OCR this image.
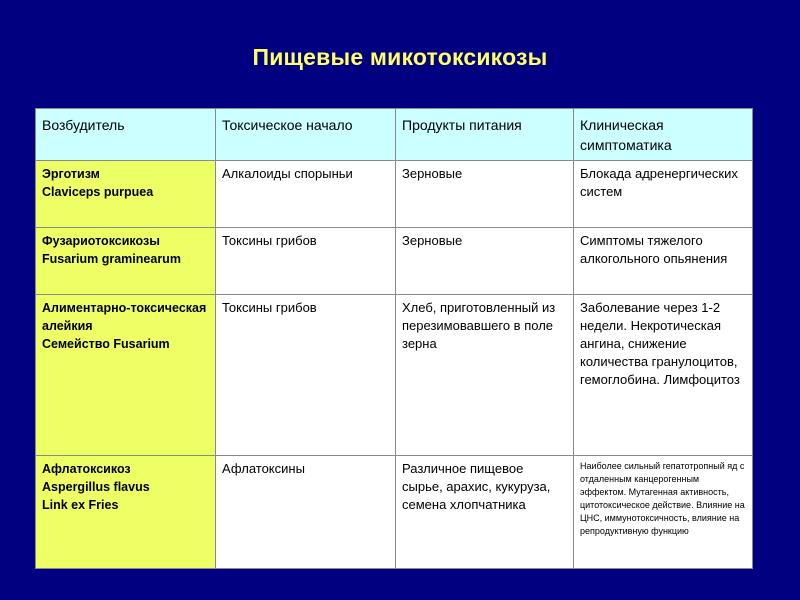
Пищевые микотоксикозы
Возбудитель	Токсическое начало	Продукты питания	Клиническая симптоматика

Эрготизм
Claviceps purpuea	Алкалоиды спорыньи	Зерновые	Блокада адренергических систем

Фузариотоксикозы
Fusarium graminearum	Токсины грибов	Зерновые	Симптомы тяжелого алкогольного опьянения

Алиментарно-токсическая алейкия
Семейство Fusarium	Токсины грибов	Хлеб, приготовленный из перезимовавшего в поле зерна	Заболевание через 1-2 недели. Некротическая ангина, снижение количества гранулоцитов, гемоглобина. Лимфоцитоз

Афлатоксикоз
Aspergillus flavus
Link ex Fries	Афлатоксины	Различное пищевое сырье, арахис, кукуруза, семена хлопчатника	Наиболее сильный гепатотропный яд с отдаленным канцерогенным эффектом. Мутагенная активность, цитотоксическое действие. Влияние на ЦНС, иммунотоксичность, влияние на репродуктивную функцию
